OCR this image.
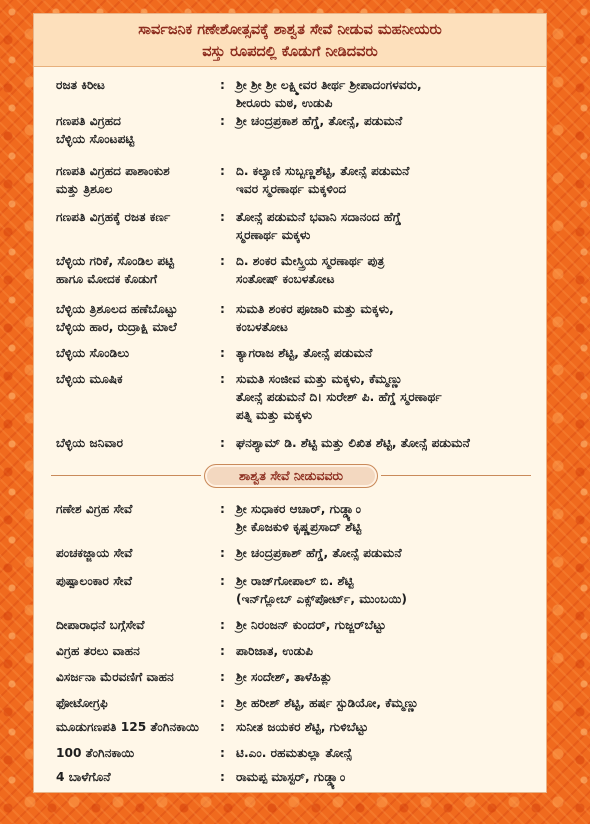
ಸಾರ್ವಜನಿಕ ಗಣೇಶೋತ್ಸವಕ್ಕೆ ಶಾಶ್ವತ ಸೇವೆ ನೀಡುವ ಮಹನೀಯರು
ವಸ್ತು ರೂಪದಲ್ಲಿ ಕೊಡುಗೆ ನೀಡಿದವರು
ರಜತ ಕಿರೀಟ	: ಶ್ರೀ ಶ್ರೀ ಶ್ರೀ ಲಕ್ಷ್ಮೀವರ ತೀರ್ಥ ಶ್ರೀಪಾದಂಗಳವರು,
ಶೀರೂರು ಮಠ, ಉಡುಪಿ
ಗಣಪತಿ ವಿಗ್ರಹದ
ಬೆಳ್ಳಿಯ ಸೊಂಟಪಟ್ಟಿ
: ಶ್ರೀ ಚಂದ್ರಪ್ರಕಾಶ ಹೆಗ್ಡೆ, ತೋನ್ಸೆ, ಪಡುಮನೆ
ಗಣಪತಿ ವಿಗ್ರಹದ ಪಾಶಾಂಕುಶ
ಮತ್ತು ತ್ರಿಶೂಲ
: ದಿ. ಕಲ್ಯಾಣಿ ಸುಬ್ಬಣ್ಣಶೆಟ್ಟಿ, ತೋನ್ಸೆ ಪಡುಮನೆ
ಇವರ ಸ್ಮರಣಾರ್ಥ ಮಕ್ಕಳಿಂದ
ಗಣಪತಿ ವಿಗ್ರಹಕ್ಕೆ ರಜತ ಕರ್ಣ	: ತೋನ್ಸೆ ಪಡುಮನೆ ಭವಾನಿ ಸದಾನಂದ ಹೆಗ್ಡೆ
ಸ್ಮರಣಾರ್ಥ ಮಕ್ಕಳು
ಬೆಳ್ಳಿಯ ಗರಿಕೆ, ಸೊಂಡಿಲ ಪಟ್ಟಿ
ಹಾಗೂ ಮೋದಕ ಕೊಡುಗೆ
: ದಿ. ಶಂಕರ ಮೇಸ್ತ್ರಿಯ ಸ್ಮರಣಾರ್ಥ ಪುತ್ರ
ಸಂತೋಷ್ ಕಂಬಳತೋಟ
ಬೆಳ್ಳಿಯ ತ್ರಿಶೂಲದ ಹಣೆಬೊಟ್ಟು
ಬೆಳ್ಳಿಯ ಹಾರ, ರುದ್ರಾಕ್ಷಿ ಮಾಲೆ
: ಸುಮತಿ ಶಂಕರ ಪೂಜಾರಿ ಮತ್ತು ಮಕ್ಕಳು,
ಕಂಬಳತೋಟ
ಬೆಳ್ಳಿಯ ಸೊಂಡಿಲು	: ತ್ಯಾಗರಾಜ ಶೆಟ್ಟಿ, ತೋನ್ಸೆ ಪಡುಮನೆ
ಬೆಳ್ಳಿಯ ಮೂಷಿಕ	: ಸುಮತಿ ಸಂಜೀವ ಮತ್ತು ಮಕ್ಕಳು, ಕೆಮ್ಮಣ್ಣು
ತೋನ್ಸೆ ಪಡುಮನೆ ದಿ। ಸುರೇಶ್ ಪಿ. ಹೆಗ್ಡೆ ಸ್ಮರಣಾರ್ಥ
ಪತ್ನಿ ಮತ್ತು ಮಕ್ಕಳು
ಬೆಳ್ಳಿಯ ಜನಿವಾರ	: ಘನಶ್ಯಾಮ್ ಡಿ. ಶೆಟ್ಟಿ ಮತ್ತು ಲಿಖಿತ ಶೆಟ್ಟಿ, ತೋನ್ಸೆ ಪಡುಮನೆ
ಶಾಶ್ವತ ಸೇವೆ ನೀಡುವವರು
ಗಣೇಶ ವಿಗ್ರಹ ಸೇವೆ	: ಶ್ರೀ ಸುಧಾಕರ ಆಚಾರ್, ಗುಡ್ಡ್ಯಾಂ
ಶ್ರೀ ಕೊಜಕುಳಿ ಕೃಷ್ಣಪ್ರಸಾದ್ ಶೆಟ್ಟಿ
ಪಂಚಕಜ್ಜಾಯ ಸೇವೆ	: ಶ್ರೀ ಚಂದ್ರಪ್ರಕಾಶ್ ಹೆಗ್ಡೆ, ತೋನ್ಸೆ ಪಡುಮನೆ
ಪುಷ್ಪಾಲಂಕಾರ ಸೇವೆ	: ಶ್ರೀ ರಾಜ್‌ಗೋಪಾಲ್ ಬಿ. ಶೆಟ್ಟಿ
(ಇನ್‌ಗ್ಲೋಬ್ ಎಕ್ಸ್‌ಪೋರ್ಟ್, ಮುಂಬಯಿ)
ದೀಪಾರಾಧನೆ ಬಗ್ಗೆಸೇವೆ	: ಶ್ರೀ ನಿರಂಜನ್ ಕುಂದರ್, ಗುಜ್ಜರ್‌ಬೆಟ್ಟು
ವಿಗ್ರಹ ತರಲು ವಾಹನ	: ಪಾರಿಜಾತ, ಉಡುಪಿ
ವಿಸರ್ಜನಾ ಮೆರವಣಿಗೆ ವಾಹನ	: ಶ್ರೀ ಸಂದೇಶ್, ತಾಳೆಹಿತ್ಲು
ಫೋಟೋಗ್ರಫಿ	: ಶ್ರೀ ಹರೀಶ್ ಶೆಟ್ಟಿ, ಹರ್ಷ ಸ್ಟುಡಿಯೋ, ಕೆಮ್ಮಣ್ಣು
ಮೂಡುಗಣಪತಿ 125 ತೆಂಗಿನಕಾಯಿ	: ಸುನೀತ ಜಯಕರ ಶೆಟ್ಟಿ, ಗುಳಿಬೆಟ್ಟು
100 ತೆಂಗಿನಕಾಯಿ	: ಟಿ.ಎಂ. ರಹಮತುಲ್ಲಾ ತೋನ್ಸೆ
4 ಬಾಳೆಗೊನೆ	: ರಾಮಪ್ಪ ಮಾಸ್ಟರ್, ಗುಡ್ಡ್ಯಾಂ
